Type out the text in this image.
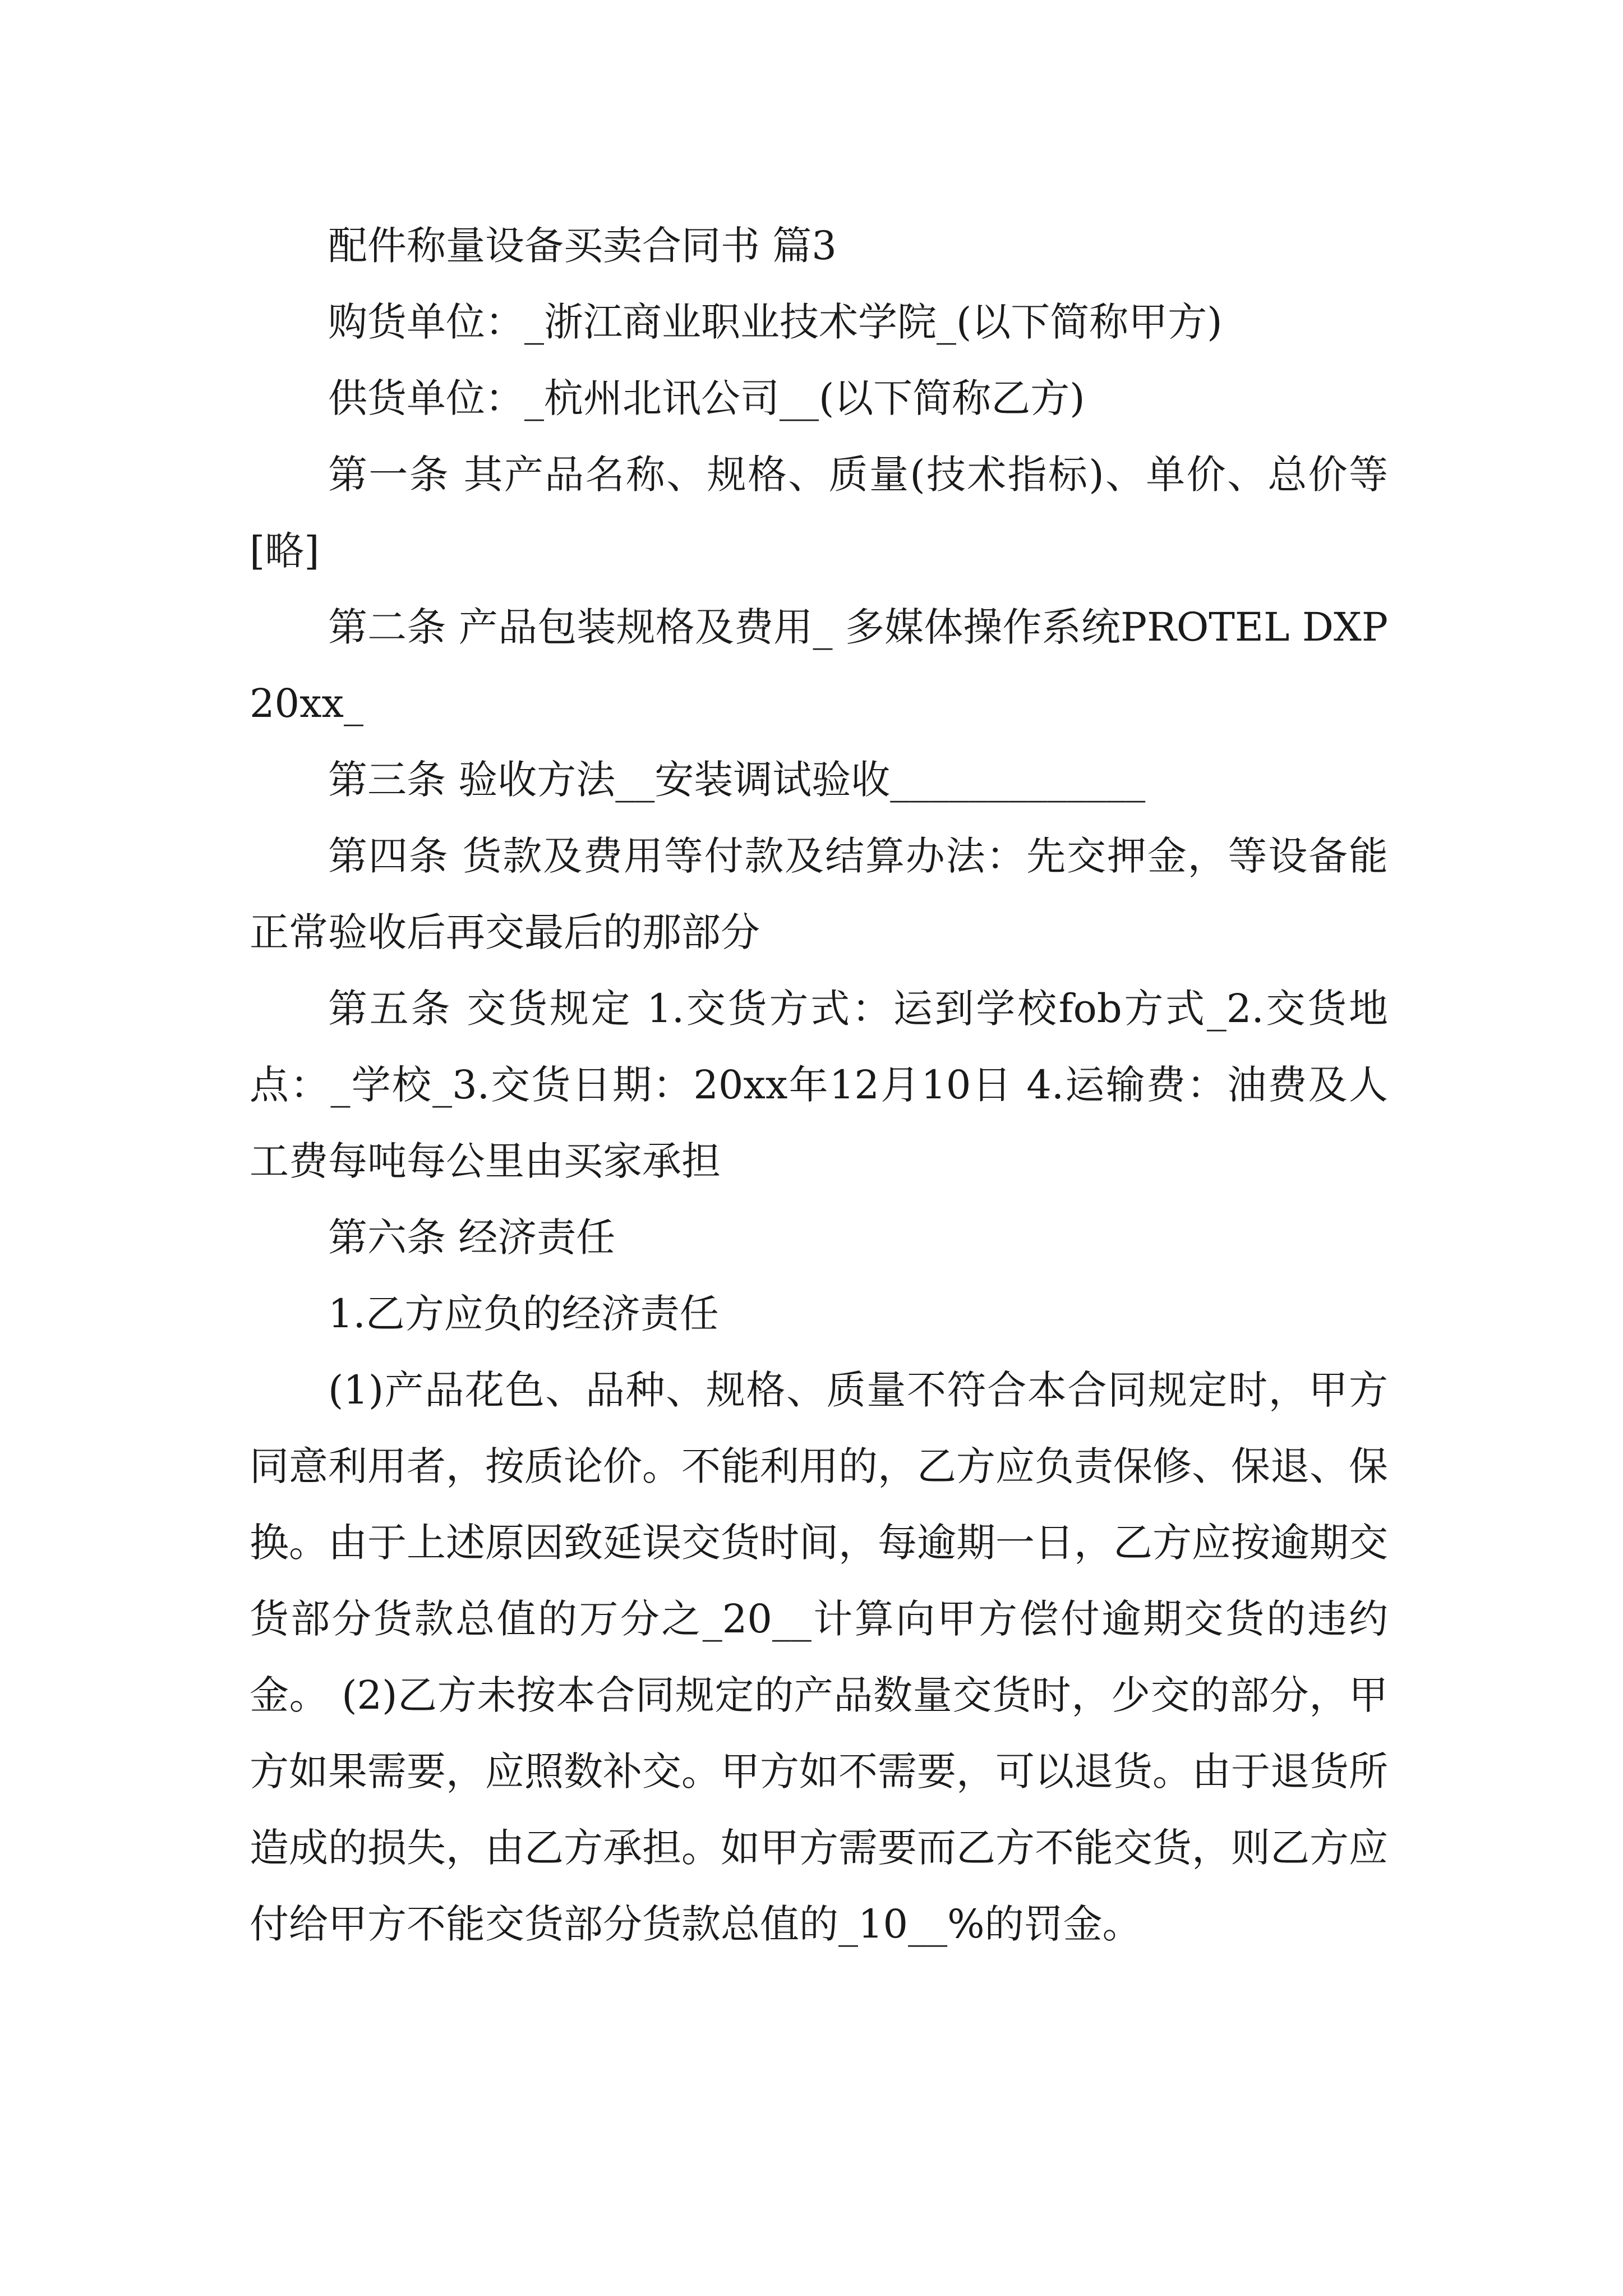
配件称量设备买卖合同书 篇3

购货单位：_浙江商业职业技术学院_(以下简称甲方)

供货单位：_杭州北讯公司__(以下简称乙方)

第一条 其产品名称、规格、质量(技术指标)、单价、总价等[略]

第二条 产品包装规格及费用_ 多媒体操作系统PROTEL DXP 20xx_

第三条 验收方法__安装调试验收_____________

第四条 货款及费用等付款及结算办法：先交押金，等设备能正常验收后再交最后的那部分

第五条 交货规定 1.交货方式：运到学校fob方式_2.交货地点：_学校_3.交货日期：20xx年12月10日 4.运输费：油费及人工费每吨每公里由买家承担

第六条 经济责任

1.乙方应负的经济责任

(1)产品花色、品种、规格、质量不符合本合同规定时，甲方同意利用者，按质论价。不能利用的，乙方应负责保修、保退、保换。由于上述原因致延误交货时间，每逾期一日，乙方应按逾期交货部分货款总值的万分之_20__计算向甲方偿付逾期交货的违约金。 (2)乙方未按本合同规定的产品数量交货时，少交的部分，甲方如果需要，应照数补交。甲方如不需要，可以退货。由于退货所造成的损失，由乙方承担。如甲方需要而乙方不能交货，则乙方应付给甲方不能交货部分货款总值的_10__%的罚金。
